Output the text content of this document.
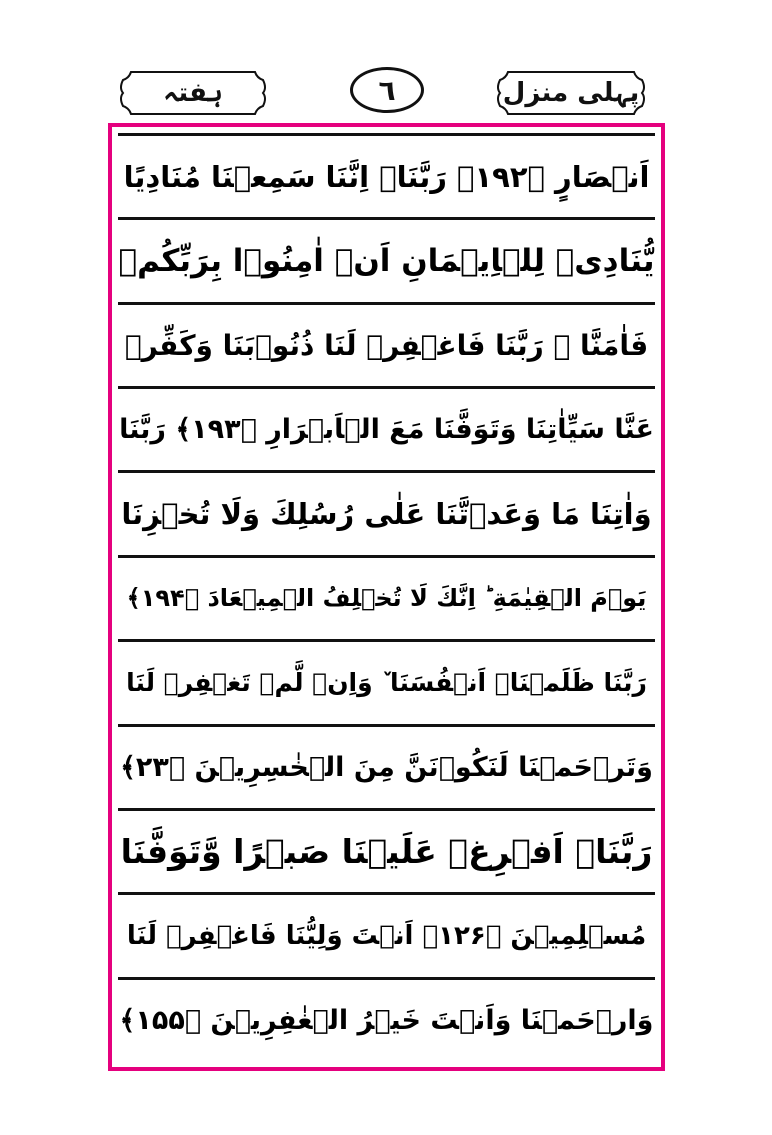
ہفتہ	٦	پہلی منزل
اَنۡصَارٍ ﴿۱۹۲﴾ رَبَّنَاۤ اِنَّنَا سَمِعۡنَا مُنَادِيًا
يُّنَادِىۡ لِلۡاِيۡمَانِ اَنۡ اٰمِنُوۡا بِرَبِّكُمۡ
فَاٰمَنَّا ۖ رَبَّنَا فَاغۡفِرۡ لَنَا ذُنُوۡبَنَا وَكَفِّرۡ
عَنَّا سَيِّاٰتِنَا وَتَوَفَّنَا مَعَ الۡاَبۡرَارِ ﴿۱۹۳﴾ رَبَّنَا
وَاٰتِنَا مَا وَعَدۡتَّنَا عَلٰى رُسُلِكَ وَلَا تُخۡزِنَا
يَوۡمَ الۡقِيٰمَةِ ؕ اِنَّكَ لَا تُخۡلِفُ الۡمِيۡعَادَ ﴿۱۹۴﴾
رَبَّنَا ظَلَمۡنَاۤ اَنۡفُسَنَا ٚ وَاِنۡ لَّمۡ تَغۡفِرۡ لَنَا
وَتَرۡحَمۡنَا لَنَكُوۡنَنَّ مِنَ الۡخٰسِرِيۡنَ ﴿۲۳﴾
رَبَّنَاۤ اَفۡرِغۡ عَلَيۡنَا صَبۡرًا وَّتَوَفَّنَا
مُسۡلِمِيۡنَ ﴿۱۲۶﴾ اَنۡتَ وَلِيُّنَا فَاغۡفِرۡ لَنَا
وَارۡحَمۡنَا وَاَنۡتَ خَيۡرُ الۡغٰفِرِيۡنَ ﴿۱۵۵﴾
